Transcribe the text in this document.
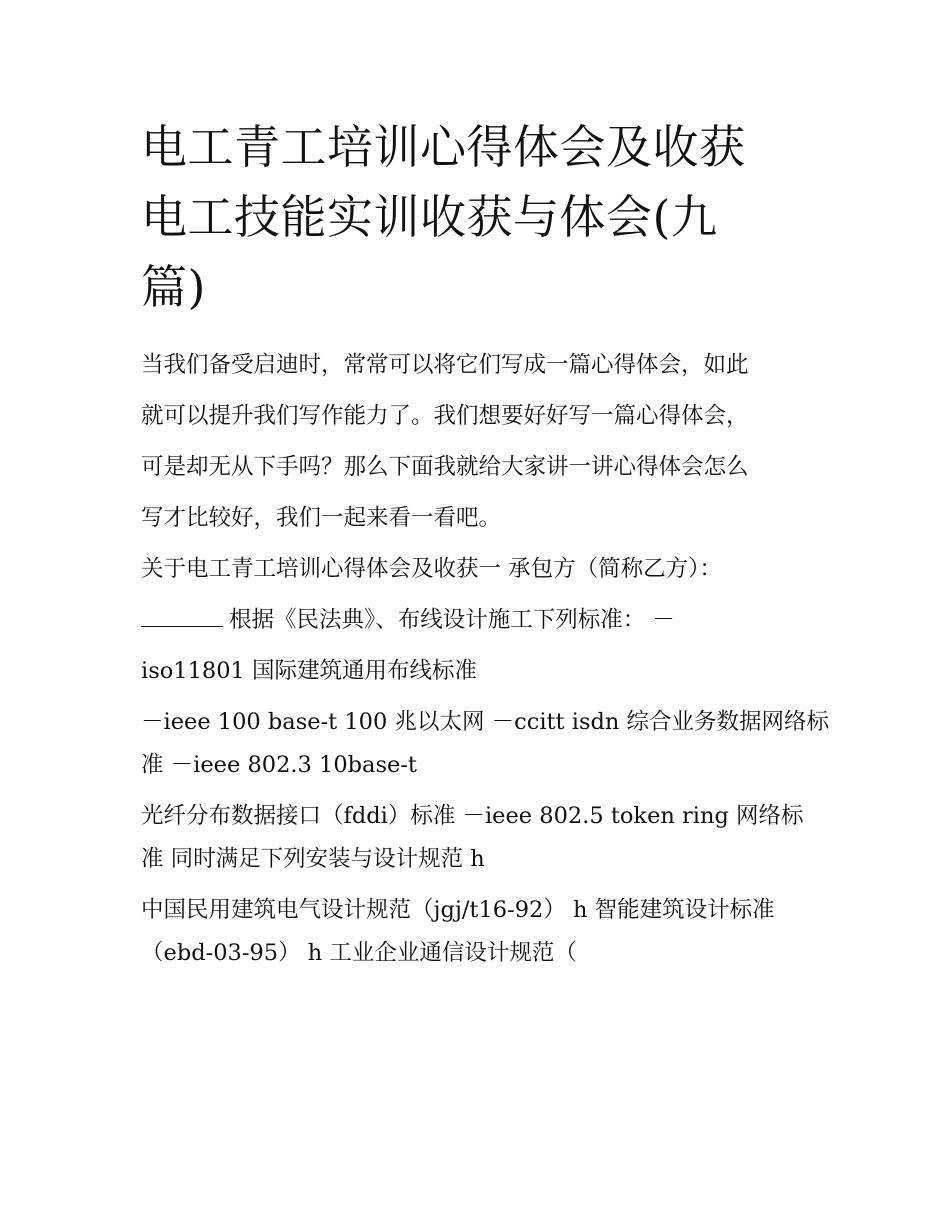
电工青工培训心得体会及收获
电工技能实训收获与体会(九
篇)

当我们备受启迪时，常常可以将它们写成一篇心得体会，如此
就可以提升我们写作能力了。我们想要好好写一篇心得体会，
可是却无从下手吗？那么下面我就给大家讲一讲心得体会怎么
写才比较好，我们一起来看一看吧。

关于电工青工培训心得体会及收获一 承包方（简称乙方）：

根据《民法典》、布线设计施工下列标准： －

iso11801 国际建筑通用布线标准

－ieee 100 base-t 100 兆以太网 －ccitt isdn 综合业务数据网络标
准 －ieee 802.3 10base-t

光纤分布数据接口（fddi）标准 －ieee 802.5 token ring 网络标
准 同时满足下列安装与设计规范 h

中国民用建筑电气设计规范（jgj/t16-92） h 智能建筑设计标准
（ebd-03-95） h 工业企业通信设计规范（
